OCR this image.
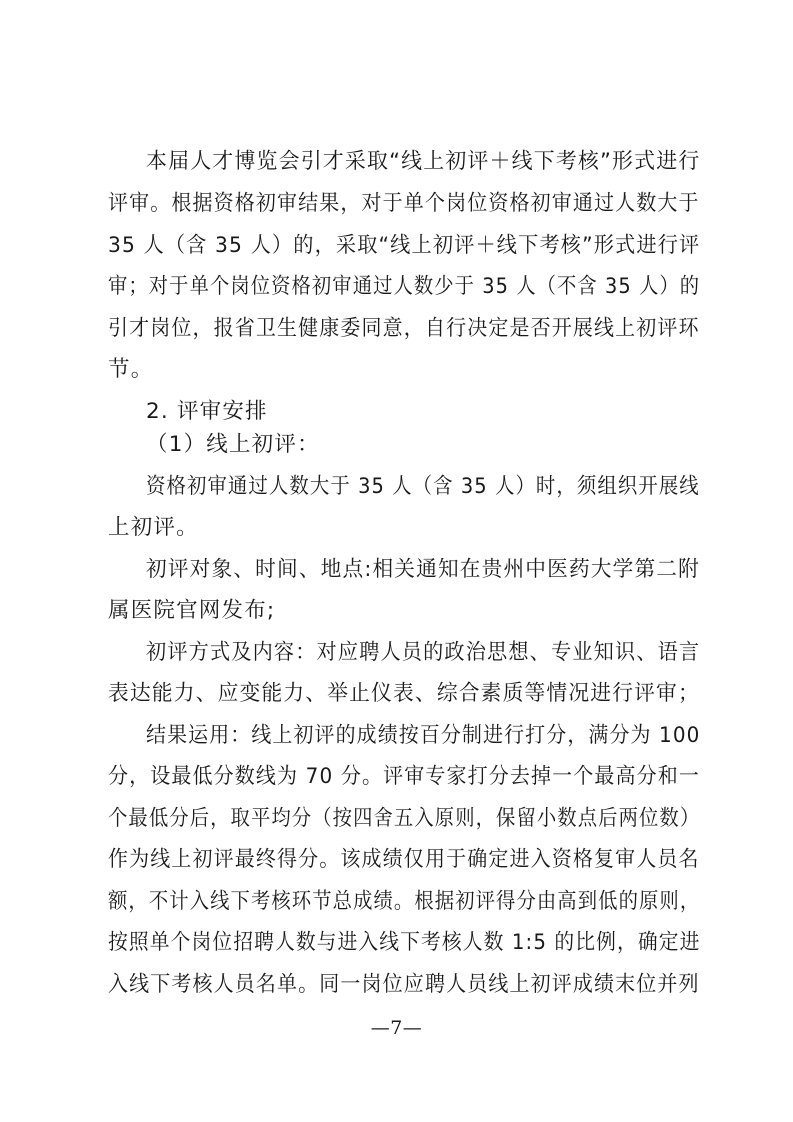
本届人才博览会引才采取“线上初评＋线下考核”形式进行
评审。根据资格初审结果，对于单个岗位资格初审通过人数大于
35 人（含 35 人）的，采取“线上初评＋线下考核”形式进行评
审；对于单个岗位资格初审通过人数少于 35 人（不含 35 人）的
引才岗位，报省卫生健康委同意，自行决定是否开展线上初评环
节。
2. 评审安排
（1）线上初评：
资格初审通过人数大于 35 人（含 35 人）时，须组织开展线
上初评。
初评对象、时间、地点:相关通知在贵州中医药大学第二附
属医院官网发布;
初评方式及内容：对应聘人员的政治思想、专业知识、语言
表达能力、应变能力、举止仪表、综合素质等情况进行评审；
结果运用：线上初评的成绩按百分制进行打分，满分为 100
分，设最低分数线为 70 分。评审专家打分去掉一个最高分和一
个最低分后，取平均分（按四舍五入原则，保留小数点后两位数）
作为线上初评最终得分。该成绩仅用于确定进入资格复审人员名
额，不计入线下考核环节总成绩。根据初评得分由高到低的原则，
按照单个岗位招聘人数与进入线下考核人数 1:5 的比例，确定进
入线下考核人员名单。同一岗位应聘人员线上初评成绩末位并列
—7—
